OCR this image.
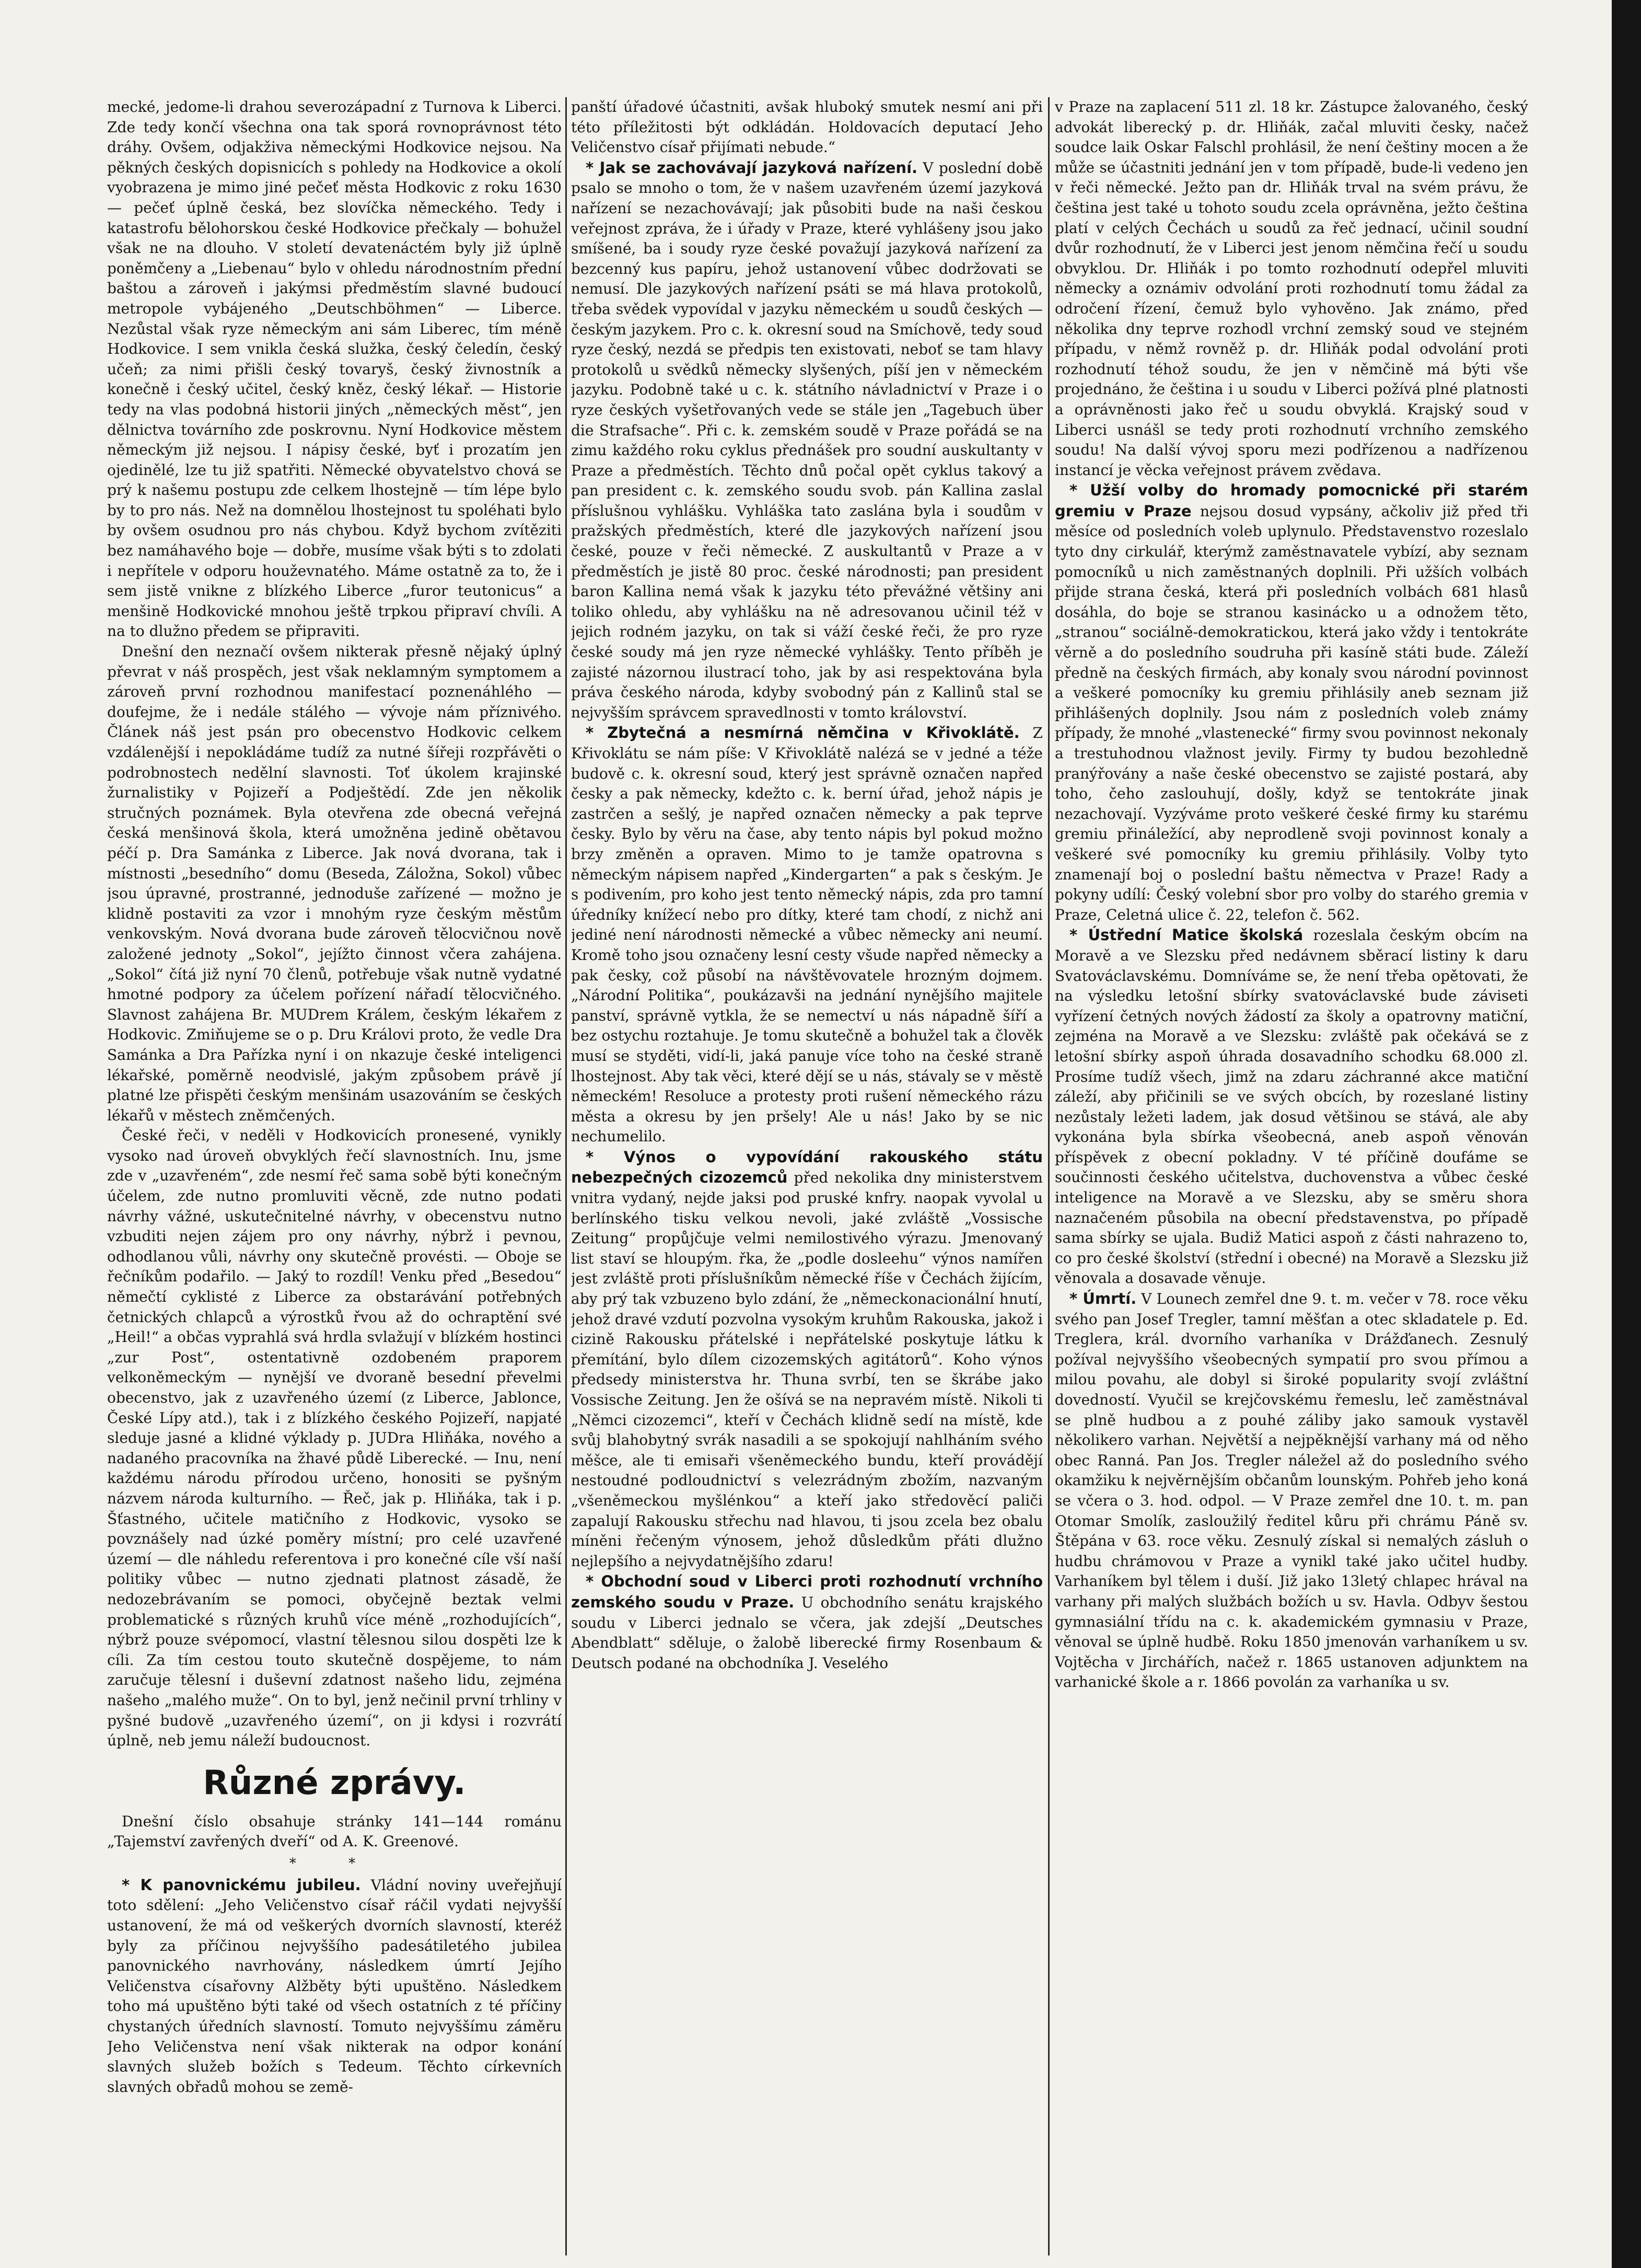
mecké, jedome-li drahou severozápadní z Turnova k Liberci. Zde tedy končí všechna ona tak sporá rovnoprávnost této dráhy. Ovšem, odjakživa německými Hodkovice nejsou. Na pěkných českých dopisnicích s pohledy na Hodkovice a okolí vyobrazena je mimo jiné pečeť města Hodkovic z roku 1630 — pečeť úplně česká, bez slovíčka německého. Tedy i katastrofu bělohorskou české Hodkovice přečkaly — bohužel však ne na dlouho. V století devatenáctém byly již úplně poněmčeny a „Liebenau“ bylo v ohledu národnostním přední baštou a zároveň i jakýmsi předměstím slavné budoucí metropole vybájeného „Deutschböhmen“ — Liberce. Nezůstal však ryze německým ani sám Liberec, tím méně Hodkovice. I sem vnikla česká služka, český čeledín, český učeň; za nimi přišli český tovaryš, český živnostník a konečně i český učitel, český kněz, český lékař. — Historie tedy na vlas podobná historii jiných „německých měst“, jen dělnictva továrního zde poskrovnu. Nyní Hodkovice městem německým již nejsou. I nápisy české, byť i prozatím jen ojedinělé, lze tu již spatřiti. Německé obyvatelstvo chová se prý k našemu postupu zde celkem lhostejně — tím lépe bylo by to pro nás. Než na domnělou lhostejnost tu spoléhati bylo by ovšem osudnou pro nás chybou. Když bychom zvítěziti bez namáhavého boje — dobře, musíme však býti s to zdolati i nepřítele v odporu houževnatého. Máme ostatně za to, že i sem jistě vnikne z blízkého Liberce „furor teutonicus“ a menšině Hodkovické mnohou ještě trpkou připraví chvíli. A na to dlužno předem se připraviti.

Dnešní den neznačí ovšem nikterak přesně nějaký úplný převrat v náš prospěch, jest však neklamným symptomem a zároveň první rozhodnou manifestací poznenáhlého — doufejme, že i nedále stálého — vývoje nám příznivého. Článek náš jest psán pro obecenstvo Hodkovic celkem vzdálenější i nepokládáme tudíž za nutné šířeji rozpřávěti o podrobnostech nedělní slavnosti. Toť úkolem krajinské žurnalistiky v Pojizeří a Podještědí. Zde jen několik stručných poznámek. Byla otevřena zde obecná veřejná česká menšinová škola, která umožněna jedině obětavou péčí p. Dra Samánka z Liberce. Jak nová dvorana, tak i místnosti „besedního“ domu (Beseda, Záložna, Sokol) vůbec jsou úpravné, prostranné, jednoduše zařízené — možno je klidně postaviti za vzor i mnohým ryze českým městům venkovským. Nová dvorana bude zároveň tělocvičnou nově založené jednoty „Sokol“, jejížto činnost včera zahájena. „Sokol“ čítá již nyní 70 členů, potřebuje však nutně vydatné hmotné podpory za účelem pořízení nářadí tělocvičného. Slavnost zahájena Br. MUDrem Králem, českým lékařem z Hodkovic. Zmiňujeme se o p. Dru Královi proto, že vedle Dra Samánka a Dra Pařízka nyní i on nkazuje české inteligenci lékařské, poměrně neodvislé, jakým způsobem právě jí platné lze přispěti českým menšinám usazováním se českých lékařů v městech zněmčených.

České řeči, v neděli v Hodkovicích pronesené, vynikly vysoko nad úroveň obvyklých řečí slavnostních. Inu, jsme zde v „uzavřeném“, zde nesmí řeč sama sobě býti konečným účelem, zde nutno promluviti věcně, zde nutno podati návrhy vážné, uskutečnitelné návrhy, v obecenstvu nutno vzbuditi nejen zájem pro ony návrhy, nýbrž i pevnou, odhodlanou vůli, návrhy ony skutečně provésti. — Oboje se řečníkům podařilo. — Jaký to rozdíl! Venku před „Besedou“ němečtí cyklisté z Liberce za obstarávání potřebných četnických chlapců a výrostků řvou až do ochraptění své „Heil!“ a občas vyprahlá svá hrdla svlažují v blízkém hostinci „zur Post“, ostentativně ozdobeném praporem velkoněmeckým — nynější ve dvoraně besední převelmi obecenstvo, jak z uzavřeného území (z Liberce, Jablonce, České Lípy atd.), tak i z blízkého českého Pojizeří, napjaté sleduje jasné a klidné výklady p. JUDra Hliňáka, nového a nadaného pracovníka na žhavé půdě Liberecké. — Inu, není každému národu přírodou určeno, honositi se pyšným názvem národa kulturního. — Řeč, jak p. Hliňáka, tak i p. Šťastného, učitele matičního z Hodkovic, vysoko se povznášely nad úzké poměry místní; pro celé uzavřené území — dle náhledu referentova i pro konečné cíle vší naší politiky vůbec — nutno zjednati platnost zásadě, že nedozebrávaním se pomoci, obyčejně beztak velmi problematické s různých kruhů více méně „rozhodujících“, nýbrž pouze svépomocí, vlastní tělesnou silou dospěti lze k cíli. Za tím cestou touto skutečně dospějeme, to nám zaručuje tělesní i duševní zdatnost našeho lidu, zejména našeho „malého muže“. On to byl, jenž nečinil první trhliny v pyšné budově „uzavřeného území“, on ji kdysi i rozvrátí úplně, neb jemu náleží budoucnost.

Různé zprávy.

Dnešní číslo obsahuje stránky 141—144 románu „Tajemství zavřených dveří“ od A. K. Greenové.

* *

* K panovnickému jubileu. Vládní noviny uveřejňují toto sdělení: „Jeho Veličenstvo císař ráčil vydati nejvyšší ustanovení, že má od veškerých dvorních slavností, kteréž byly za příčinou nejvyššího padesátiletého jubilea panovnického navrhovány, následkem úmrtí Jejího Veličenstva císařovny Alžběty býti upuštěno. Následkem toho má upuštěno býti také od všech ostatních z té příčiny chystaných úředních slavností. Tomuto nejvyššímu záměru Jeho Veličenstva není však nikterak na odpor konání slavných služeb božích s Tedeum. Těchto církevních slavných obřadů mohou se země-

panští úřadové účastniti, avšak hluboký smutek nesmí ani při této příležitosti být odkládán. Holdovacích deputací Jeho Veličenstvo císař přijímati nebude.“

* Jak se zachovávají jazyková nařízení. V poslední době psalo se mnoho o tom, že v našem uzavřeném území jazyková nařízení se nezachovávají; jak působiti bude na naši českou veřejnost zpráva, že i úřady v Praze, které vyhlášeny jsou jako smíšené, ba i soudy ryze české považují jazyková nařízení za bezcenný kus papíru, jehož ustanovení vůbec dodržovati se nemusí. Dle jazykových nařízení psáti se má hlava protokolů, třeba svědek vypovídal v jazyku německém u soudů českých — českým jazykem. Pro c. k. okresní soud na Smíchově, tedy soud ryze český, nezdá se předpis ten existovati, neboť se tam hlavy protokolů u svědků německy slyšených, píší jen v německém jazyku. Podobně také u c. k. státního návladnictví v Praze i o ryze českých vyšetřovaných vede se stále jen „Tagebuch über die Strafsache“. Při c. k. zemském soudě v Praze pořádá se na zimu každého roku cyklus přednášek pro soudní auskultanty v Praze a předměstích. Těchto dnů počal opět cyklus takový a pan president c. k. zemského soudu svob. pán Kallina zaslal příslušnou vyhlášku. Vyhláška tato zaslána byla i soudům v pražských předměstích, které dle jazykových nařízení jsou české, pouze v řeči německé. Z auskultantů v Praze a v předměstích je jistě 80 proc. české národnosti; pan president baron Kallina nemá však k jazyku této převážné většiny ani toliko ohledu, aby vyhlášku na ně adresovanou učinil též v jejich rodném jazyku, on tak si váží české řeči, že pro ryze české soudy má jen ryze německé vyhlášky. Tento příběh je zajisté názornou ilustrací toho, jak by asi respektována byla práva českého národa, kdyby svobodný pán z Kallinů stal se nejvyšším správcem spravedlnosti v tomto království.

* Zbytečná a nesmírná němčina v Křivoklátě. Z Křivoklátu se nám píše: V Křivoklátě nalézá se v jedné a téže budově c. k. okresní soud, který jest správně označen napřed česky a pak německy, kdežto c. k. berní úřad, jehož nápis je zastrčen a sešlý, je napřed označen německy a pak teprve česky. Bylo by věru na čase, aby tento nápis byl pokud možno brzy změněn a opraven. Mimo to je tamže opatrovna s německým nápisem napřed „Kindergarten“ a pak s českým. Je s podivením, pro koho jest tento německý nápis, zda pro tamní úředníky knížecí nebo pro dítky, které tam chodí, z nichž ani jediné není národnosti německé a vůbec německy ani neumí. Kromě toho jsou označeny lesní cesty všude napřed německy a pak česky, což působí na návštěvovatele hrozným dojmem. „Národní Politika“, poukázavši na jednání nynějšího majitele panství, správně vytkla, že se nemectví u nás nápadně šíří a bez ostychu roztahuje. Je tomu skutečně a bohužel tak a člověk musí se styděti, vidí-li, jaká panuje více toho na české straně lhostejnost. Aby tak věci, které dějí se u nás, stávaly se v městě německém! Resoluce a protesty proti rušení německého rázu města a okresu by jen pršely! Ale u nás! Jako by se nic nechumelilo.

* Výnos o vypovídání rakouského státu nebezpečných cizozemců před nekolika dny ministerstvem vnitra vydaný, nejde jaksi pod pruské knfry. naopak vyvolal u berlínského tisku velkou nevoli, jaké zvláště „Vossische Zeitung“ propůjčuje velmi nemilostivého výrazu. Jmenovaný list staví se hloupým. řka, že „podle dosleehu“ výnos namířen jest zvláště proti příslušníkům německé říše v Čechách žijícím, aby prý tak vzbuzeno bylo zdání, že „německonacionální hnutí, jehož dravé vzdutí pozvolna vysokým kruhům Rakouska, jakož i cizině Rakousku přátelské i nepřátelské poskytuje látku k přemítání, bylo dílem cizozemských agitátorů“. Koho výnos předsedy ministerstva hr. Thuna svrbí, ten se škrábe jako Vossische Zeitung. Jen že ošívá se na nepravém místě. Nikoli ti „Němci cizozemci“, kteří v Čechách klidně sedí na místě, kde svůj blahobytný svrák nasadili a se spokojují nahlháním svého měšce, ale ti emisaři všeněmeckého bundu, kteří provádějí nestoudné podloudnictví s velezrádným zbožím, nazvaným „všeněmeckou myšlénkou“ a kteří jako středověcí paliči zapalují Rakousku střechu nad hlavou, ti jsou zcela bez obalu míněni řečeným výnosem, jehož důsledkům přáti dlužno nejlepšího a nejvydatnějšího zdaru!

* Obchodní soud v Liberci proti rozhodnutí vrchního zemského soudu v Praze. U obchodního senátu krajského soudu v Liberci jednalo se včera, jak zdejší „Deutsches Abendblatt“ sděluje, o žalobě liberecké firmy Rosenbaum & Deutsch podané na obchodníka J. Veselého

v Praze na zaplacení 511 zl. 18 kr. Zástupce žalovaného, český advokát liberecký p. dr. Hliňák, začal mluviti česky, načež soudce laik Oskar Falschl prohlásil, že není češtiny mocen a že může se účastniti jednání jen v tom případě, bude-li vedeno jen v řeči německé. Ježto pan dr. Hliňák trval na svém právu, že čeština jest také u tohoto soudu zcela oprávněna, ježto čeština platí v celých Čechách u soudů za řeč jednací, učinil soudní dvůr rozhodnutí, že v Liberci jest jenom němčina řečí u soudu obvyklou. Dr. Hliňák i po tomto rozhodnutí odepřel mluviti německy a oznámiv odvolání proti rozhodnutí tomu žádal za odročení řízení, čemuž bylo vyhověno. Jak známo, před několika dny teprve rozhodl vrchní zemský soud ve stejném případu, v němž rovněž p. dr. Hliňák podal odvolání proti rozhodnutí téhož soudu, že jen v němčině má býti vše projednáno, že čeština i u soudu v Liberci požívá plné platnosti a oprávněnosti jako řeč u soudu obvyklá. Krajský soud v Liberci usnášl se tedy proti rozhodnutí vrchního zemského soudu! Na další vývoj sporu mezi podřízenou a nadřízenou instancí je věcka veřejnost právem zvědava.

* Užší volby do hromady pomocnické při starém gremiu v Praze nejsou dosud vypsány, ačkoliv již před tři měsíce od posledních voleb uplynulo. Představenstvo rozeslalo tyto dny cirkulář, kterýmž zaměstnavatele vybízí, aby seznam pomocníků u nich zaměstnaných doplnili. Při užších volbách přijde strana česká, která při posledních volbách 681 hlasů dosáhla, do boje se stranou kasinácko u a odnožem těto, „stranou“ sociálně-demokratickou, která jako vždy i tentokráte věrně a do posledního soudruha při kasíně státi bude. Záleží předně na českých firmách, aby konaly svou národní povinnost a veškeré pomocníky ku gremiu přihlásily aneb seznam již přihlášených doplnily. Jsou nám z posledních voleb známy případy, že mnohé „vlastenecké“ firmy svou povinnost nekonaly a trestuhodnou vlažnost jevily. Firmy ty budou bezohledně pranýřovány a naše české obecenstvo se zajisté postará, aby toho, čeho zaslouhují, došly, když se tentokráte jinak nezachovají. Vyzýváme proto veškeré české firmy ku starému gremiu přináležící, aby neprodleně svoji povinnost konaly a veškeré své pomocníky ku gremiu přihlásily. Volby tyto znamenají boj o poslední baštu němectva v Praze! Rady a pokyny udílí: Český volební sbor pro volby do starého gremia v Praze, Celetná ulice č. 22, telefon č. 562.

* Ústřední Matice školská rozeslala českým obcím na Moravě a ve Slezsku před nedávnem sběrací listiny k daru Svatováclavskému. Domníváme se, že není třeba opětovati, že na výsledku letošní sbírky svatováclavské bude záviseti vyřízení četných nových žádostí za školy a opatrovny matiční, zejména na Moravě a ve Slezsku: zvláště pak očekává se z letošní sbírky aspoň úhrada dosavadního schodku 68.000 zl. Prosíme tudíž všech, jimž na zdaru záchranné akce matiční záleží, aby přičinili se ve svých obcích, by rozeslané listiny nezůstaly ležeti ladem, jak dosud většinou se stává, ale aby vykonána byla sbírka všeobecná, aneb aspoň věnován příspěvek z obecní pokladny. V té příčině doufáme se součinnosti českého učitelstva, duchovenstva a vůbec české inteligence na Moravě a ve Slezsku, aby se směru shora naznačeném působila na obecní představenstva, po případě sama sbírky se ujala. Budiž Matici aspoň z části nahrazeno to, co pro české školství (střední i obecné) na Moravě a Slezsku již věnovala a dosavade věnuje.

* Úmrtí. V Lounech zemřel dne 9. t. m. večer v 78. roce věku svého pan Josef Tregler, tamní měšťan a otec skladatele p. Ed. Treglera, král. dvorního varhaníka v Drážďanech. Zesnulý požíval nejvyššího všeobecných sympatií pro svou přímou a milou povahu, ale dobyl si široké popularity svojí zvláštní dovedností. Vyučil se krejčovskému řemeslu, leč zaměstnával se plně hudbou a z pouhé záliby jako samouk vystavěl několikero varhan. Největší a nejpěknější varhany má od něho obec Ranná. Pan Jos. Tregler náležel až do posledního svého okamžiku k nejvěrnějším občanům lounským. Pohřeb jeho koná se včera o 3. hod. odpol. — V Praze zemřel dne 10. t. m. pan Otomar Smolík, zasloužilý ředitel kůru při chrámu Páně sv. Štěpána v 63. roce věku. Zesnulý získal si nemalých zásluh o hudbu chrámovou v Praze a vynikl také jako učitel hudby. Varhaníkem byl tělem i duší. Již jako 13letý chlapec hrával na varhany při malých službách božích u sv. Havla. Odbyv šestou gymnasiální třídu na c. k. akademickém gymnasiu v Praze, věnoval se úplně hudbě. Roku 1850 jmenován varhaníkem u sv. Vojtěcha v Jirchářích, načež r. 1865 ustanoven adjunktem na varhanické škole a r. 1866 povolán za varhaníka u sv.
